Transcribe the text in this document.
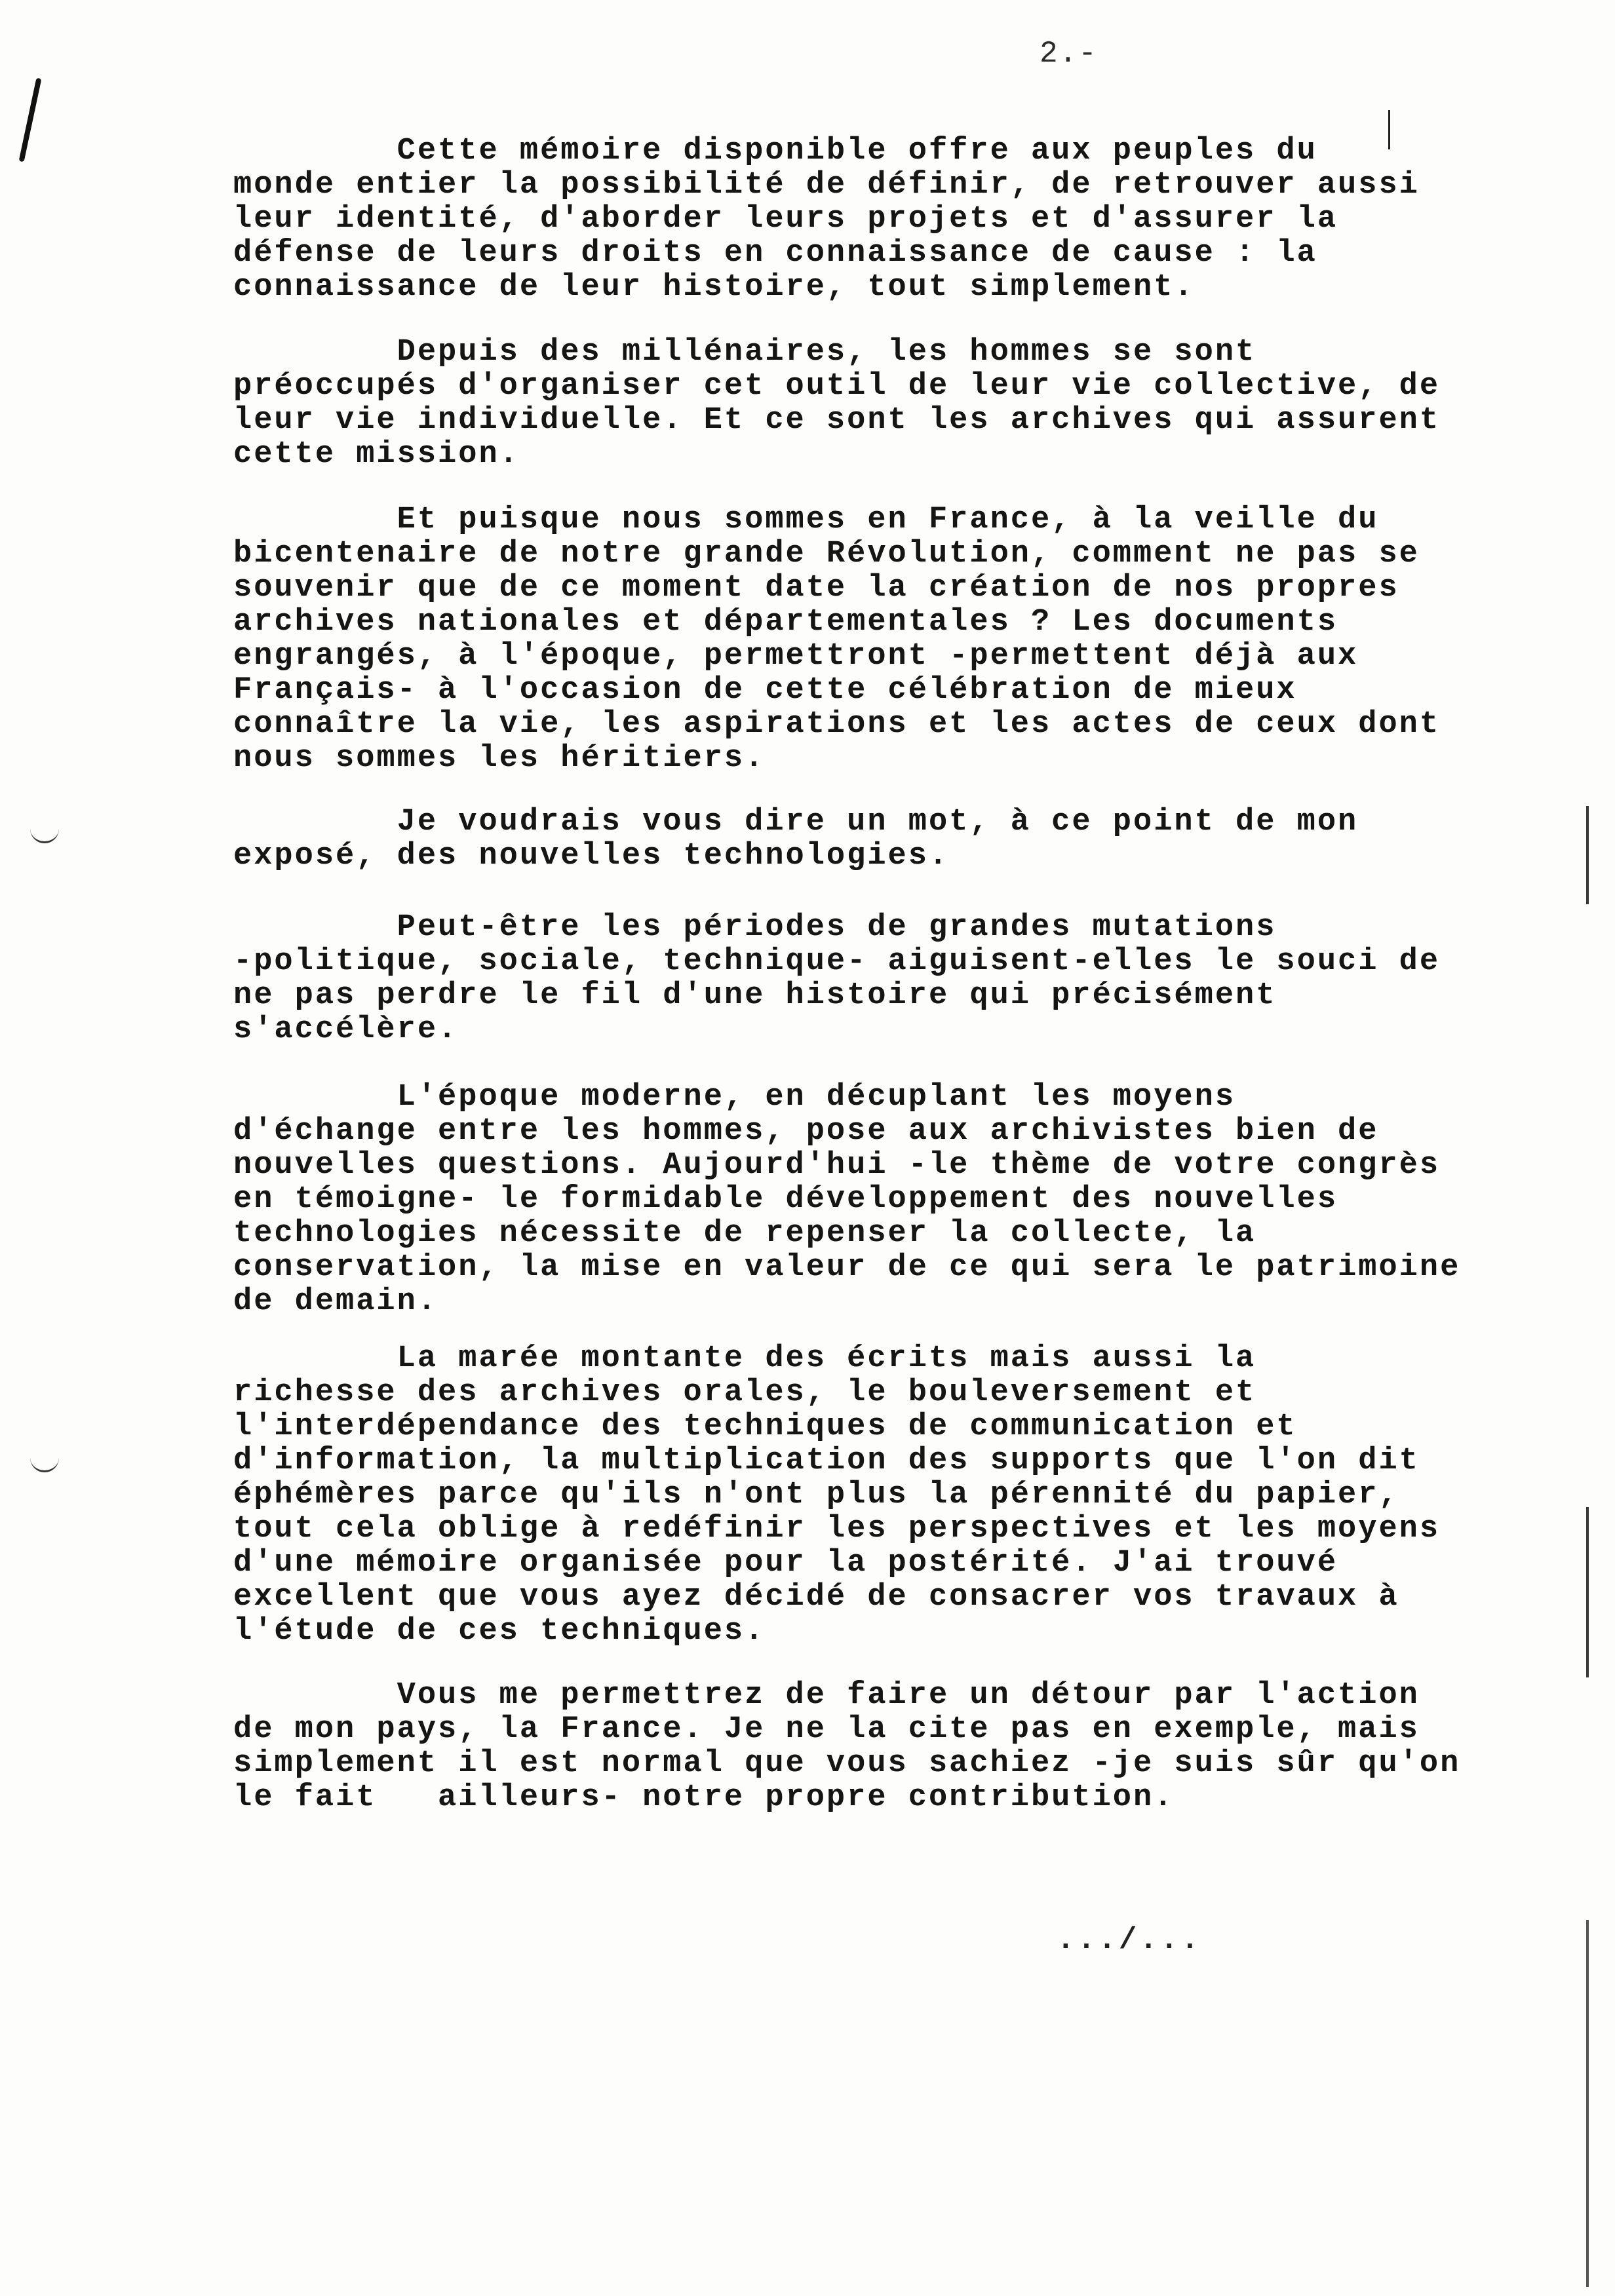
2.-
Cette mémoire disponible offre aux peuples du
monde entier la possibilité de définir, de retrouver aussi
leur identité, d'aborder leurs projets et d'assurer la
défense de leurs droits en connaissance de cause : la
connaissance de leur histoire, tout simplement.
Depuis des millénaires, les hommes se sont
préoccupés d'organiser cet outil de leur vie collective, de
leur vie individuelle. Et ce sont les archives qui assurent
cette mission.
Et puisque nous sommes en France, à la veille du
bicentenaire de notre grande Révolution, comment ne pas se
souvenir que de ce moment date la création de nos propres
archives nationales et départementales ? Les documents
engrangés, à l'époque, permettront -permettent déjà aux
Français- à l'occasion de cette célébration de mieux
connaître la vie, les aspirations et les actes de ceux dont
nous sommes les héritiers.
Je voudrais vous dire un mot, à ce point de mon
exposé, des nouvelles technologies.
Peut-être les périodes de grandes mutations
-politique, sociale, technique- aiguisent-elles le souci de
ne pas perdre le fil d'une histoire qui précisément
s'accélère.
L'époque moderne, en décuplant les moyens
d'échange entre les hommes, pose aux archivistes bien de
nouvelles questions. Aujourd'hui -le thème de votre congrès
en témoigne- le formidable développement des nouvelles
technologies nécessite de repenser la collecte, la
conservation, la mise en valeur de ce qui sera le patrimoine
de demain.
La marée montante des écrits mais aussi la
richesse des archives orales, le bouleversement et
l'interdépendance des techniques de communication et
d'information, la multiplication des supports que l'on dit
éphémères parce qu'ils n'ont plus la pérennité du papier,
tout cela oblige à redéfinir les perspectives et les moyens
d'une mémoire organisée pour la postérité. J'ai trouvé
excellent que vous ayez décidé de consacrer vos travaux à
l'étude de ces techniques.
Vous me permettrez de faire un détour par l'action
de mon pays, la France. Je ne la cite pas en exemple, mais
simplement il est normal que vous sachiez -je suis sûr qu'on
le fait   ailleurs- notre propre contribution.
.../...
